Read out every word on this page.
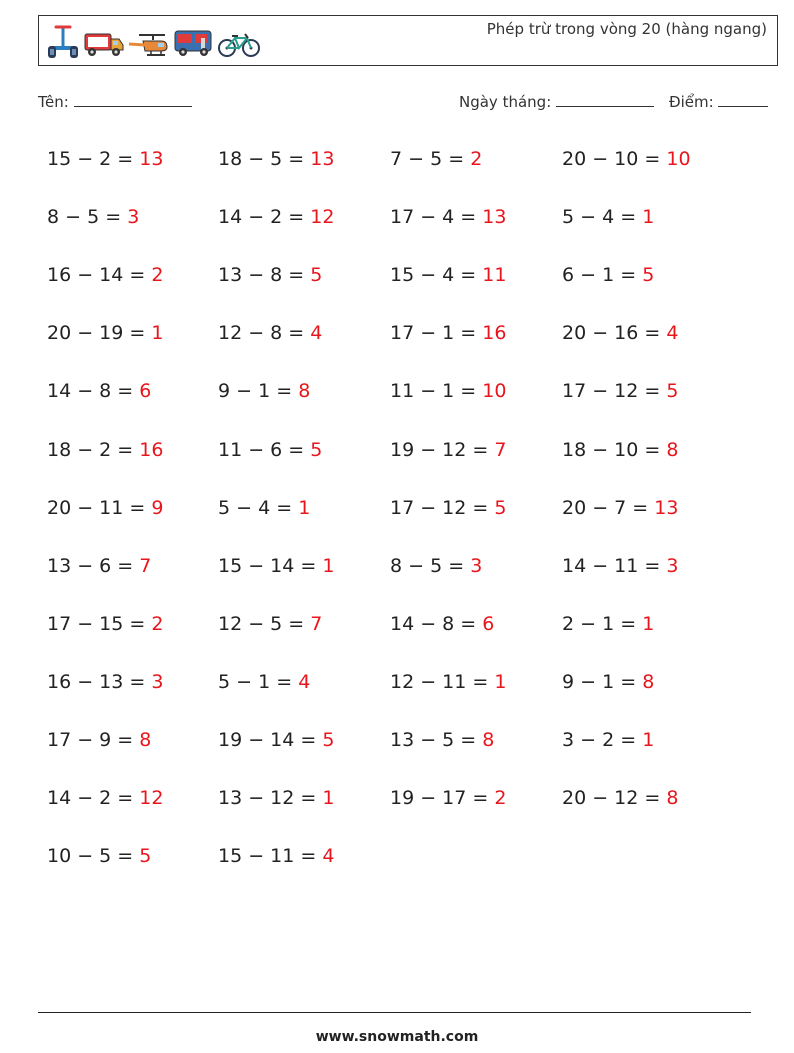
Phép trừ trong vòng 20 (hàng ngang)
Tên:	Ngày tháng:	Điểm:
15 − 2 = 13	18 − 5 = 13	7 − 5 = 2	20 − 10 = 10
8 − 5 = 3	14 − 2 = 12	17 − 4 = 13	5 − 4 = 1
16 − 14 = 2	13 − 8 = 5	15 − 4 = 11	6 − 1 = 5
20 − 19 = 1	12 − 8 = 4	17 − 1 = 16	20 − 16 = 4
14 − 8 = 6	9 − 1 = 8	11 − 1 = 10	17 − 12 = 5
18 − 2 = 16	11 − 6 = 5	19 − 12 = 7	18 − 10 = 8
20 − 11 = 9	5 − 4 = 1	17 − 12 = 5	20 − 7 = 13
13 − 6 = 7	15 − 14 = 1	8 − 5 = 3	14 − 11 = 3
17 − 15 = 2	12 − 5 = 7	14 − 8 = 6	2 − 1 = 1
16 − 13 = 3	5 − 1 = 4	12 − 11 = 1	9 − 1 = 8
17 − 9 = 8	19 − 14 = 5	13 − 5 = 8	3 − 2 = 1
14 − 2 = 12	13 − 12 = 1	19 − 17 = 2	20 − 12 = 8
10 − 5 = 5	15 − 11 = 4
www.snowmath.com
